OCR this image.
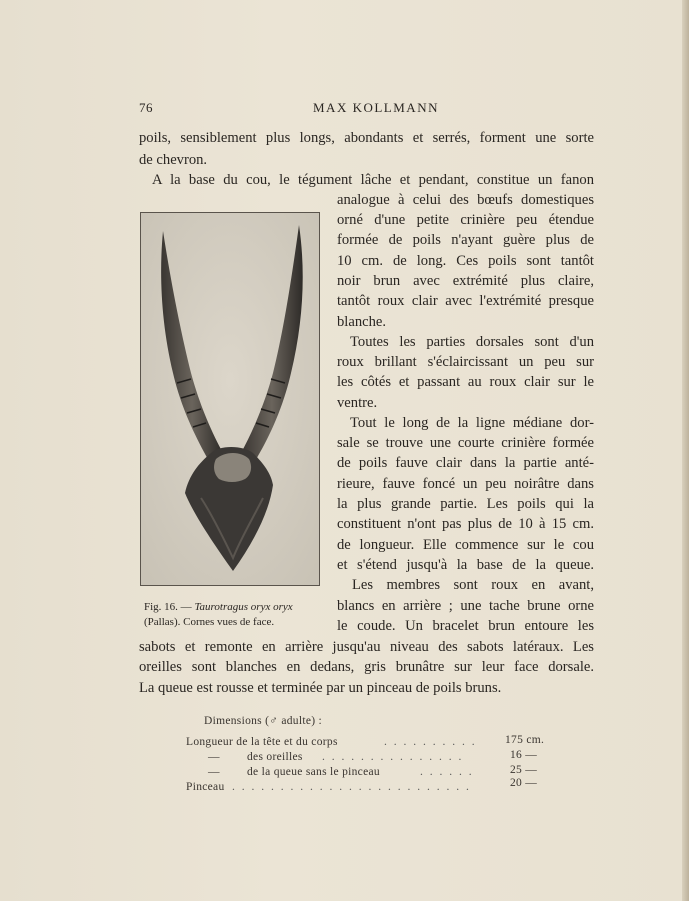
76	MAX KOLLMANN
poils, sensiblement plus longs, abondants et serrés, forment une sorte
de chevron.
A la base du cou, le tégument lâche et pendant, constitue un fanon
analogue à celui des bœufs domestiques
orné d'une petite crinière peu étendue
formée de poils n'ayant guère plus de
10 cm. de long. Ces poils sont tantôt
noir brun avec extrémité plus claire,
tantôt roux clair avec l'extrémité presque
blanche.
Toutes les parties dorsales sont d'un
roux brillant s'éclaircissant un peu sur
les côtés et passant au roux clair sur le
ventre.
Tout le long de la ligne médiane dor-
sale se trouve une courte crinière formée
de poils fauve clair dans la partie anté-
rieure, fauve foncé un peu noirâtre dans
la plus grande partie. Les poils qui la
constituent n'ont pas plus de 10 à 15 cm.
de longueur. Elle commence sur le cou
et s'étend jusqu'à la base de la queue.
Les membres sont roux en avant,
blancs en arrière ; une tache brune orne
le coude. Un bracelet brun entoure les
Fig. 16. — Taurotragus oryx oryx
(Pallas). Cornes vues de face.
sabots et remonte en arrière jusqu'au niveau des sabots latéraux. Les
oreilles sont blanches en dedans, gris brunâtre sur leur face dorsale.
La queue est rousse et terminée par un pinceau de poils bruns.
Dimensions (♂ adulte) :
Longueur de la tête et du corps	. . . . . . . . . . 175 cm.
— des oreilles . . . . . . . . . . . . . . .	16 —
— de la queue sans le pinceau	. . . . . .	25 —
Pinceau . . . . . . . . . . . . . . . . . . . . . . . . .	20 —
